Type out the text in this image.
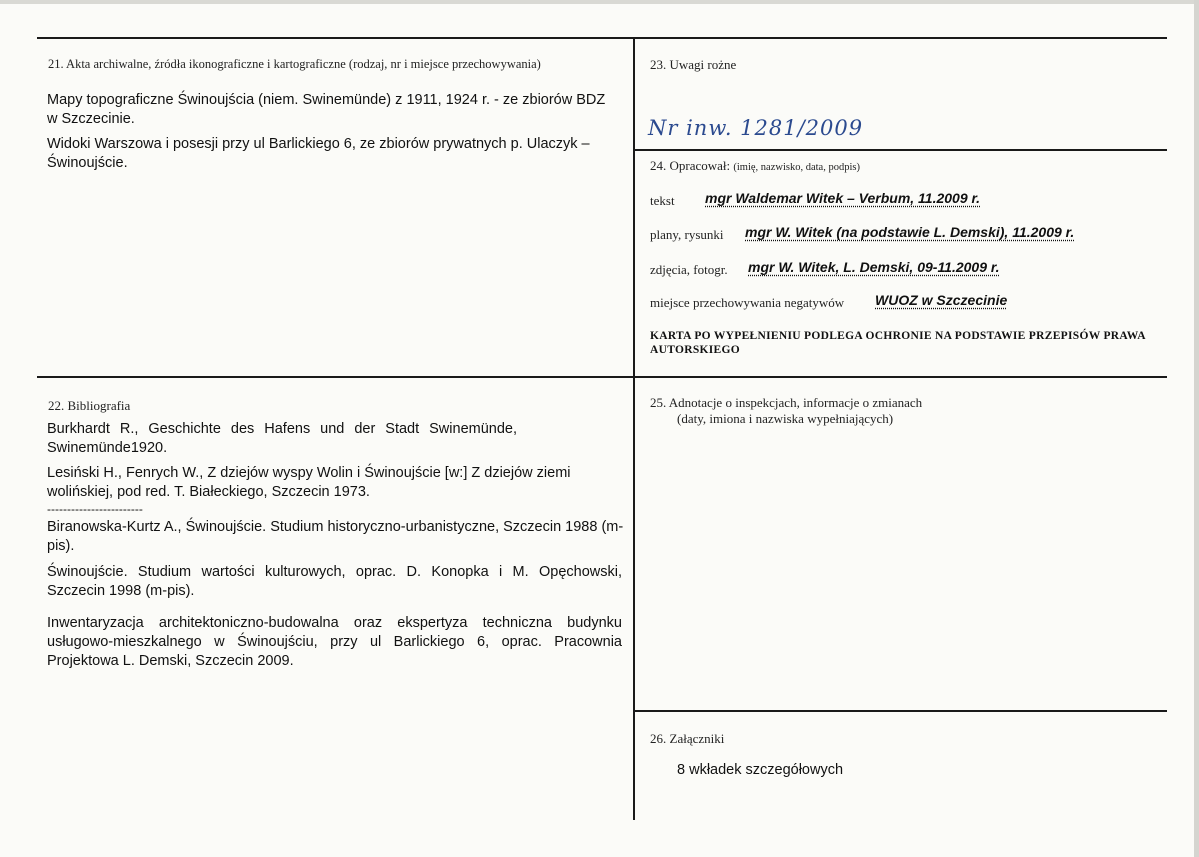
21. Akta archiwalne, źródła ikonograficzne i kartograficzne (rodzaj, nr i miejsce przechowywania)
Mapy topograficzne Świnoujścia (niem. Swinemünde) z 1911, 1924 r. - ze zbiorów BDZ w Szczecinie.
Widoki Warszowa i posesji przy ul Barlickiego 6, ze zbiorów prywatnych p. Ulaczyk – Świnoujście.
23. Uwagi rożne
Nr inw. 1281/2009
24. Opracował: (imię, nazwisko, data, podpis)
tekst mgr Waldemar Witek – Verbum, 11.2009 r.
plany, rysunki mgr W. Witek (na podstawie L. Demski), 11.2009 r.
zdjęcia, fotogr. mgr W. Witek, L. Demski, 09-11.2009 r.
miejsce przechowywania negatywów WUOZ w Szczecinie
KARTA PO WYPEŁNIENIU PODLEGA OCHRONIE NA PODSTAWIE PRZEPISÓW PRAWA AUTORSKIEGO
22. Bibliografia
Burkhardt R., Geschichte des Hafens und der Stadt Swinemünde, Swinemünde1920.
Lesiński H., Fenrych W., Z dziejów wyspy Wolin i Świnoujście [w:] Z dziejów ziemi wolińskiej, pod red. T. Białeckiego, Szczecin 1973.
------------------------
Biranowska-Kurtz A., Świnoujście. Studium historyczno-urbanistyczne, Szczecin 1988 (m-pis).
Świnoujście. Studium wartości kulturowych, oprac. D. Konopka i M. Opęchowski, Szczecin 1998 (m-pis).
Inwentaryzacja architektoniczno-budowalna oraz ekspertyza techniczna budynku usługowo-mieszkalnego w Świnoujściu, przy ul Barlickiego 6, oprac. Pracownia Projektowa L. Demski, Szczecin 2009.
25. Adnotacje o inspekcjach, informacje o zmianach
(daty, imiona i nazwiska wypełniających)
26. Załączniki
8 wkładek szczegółowych
